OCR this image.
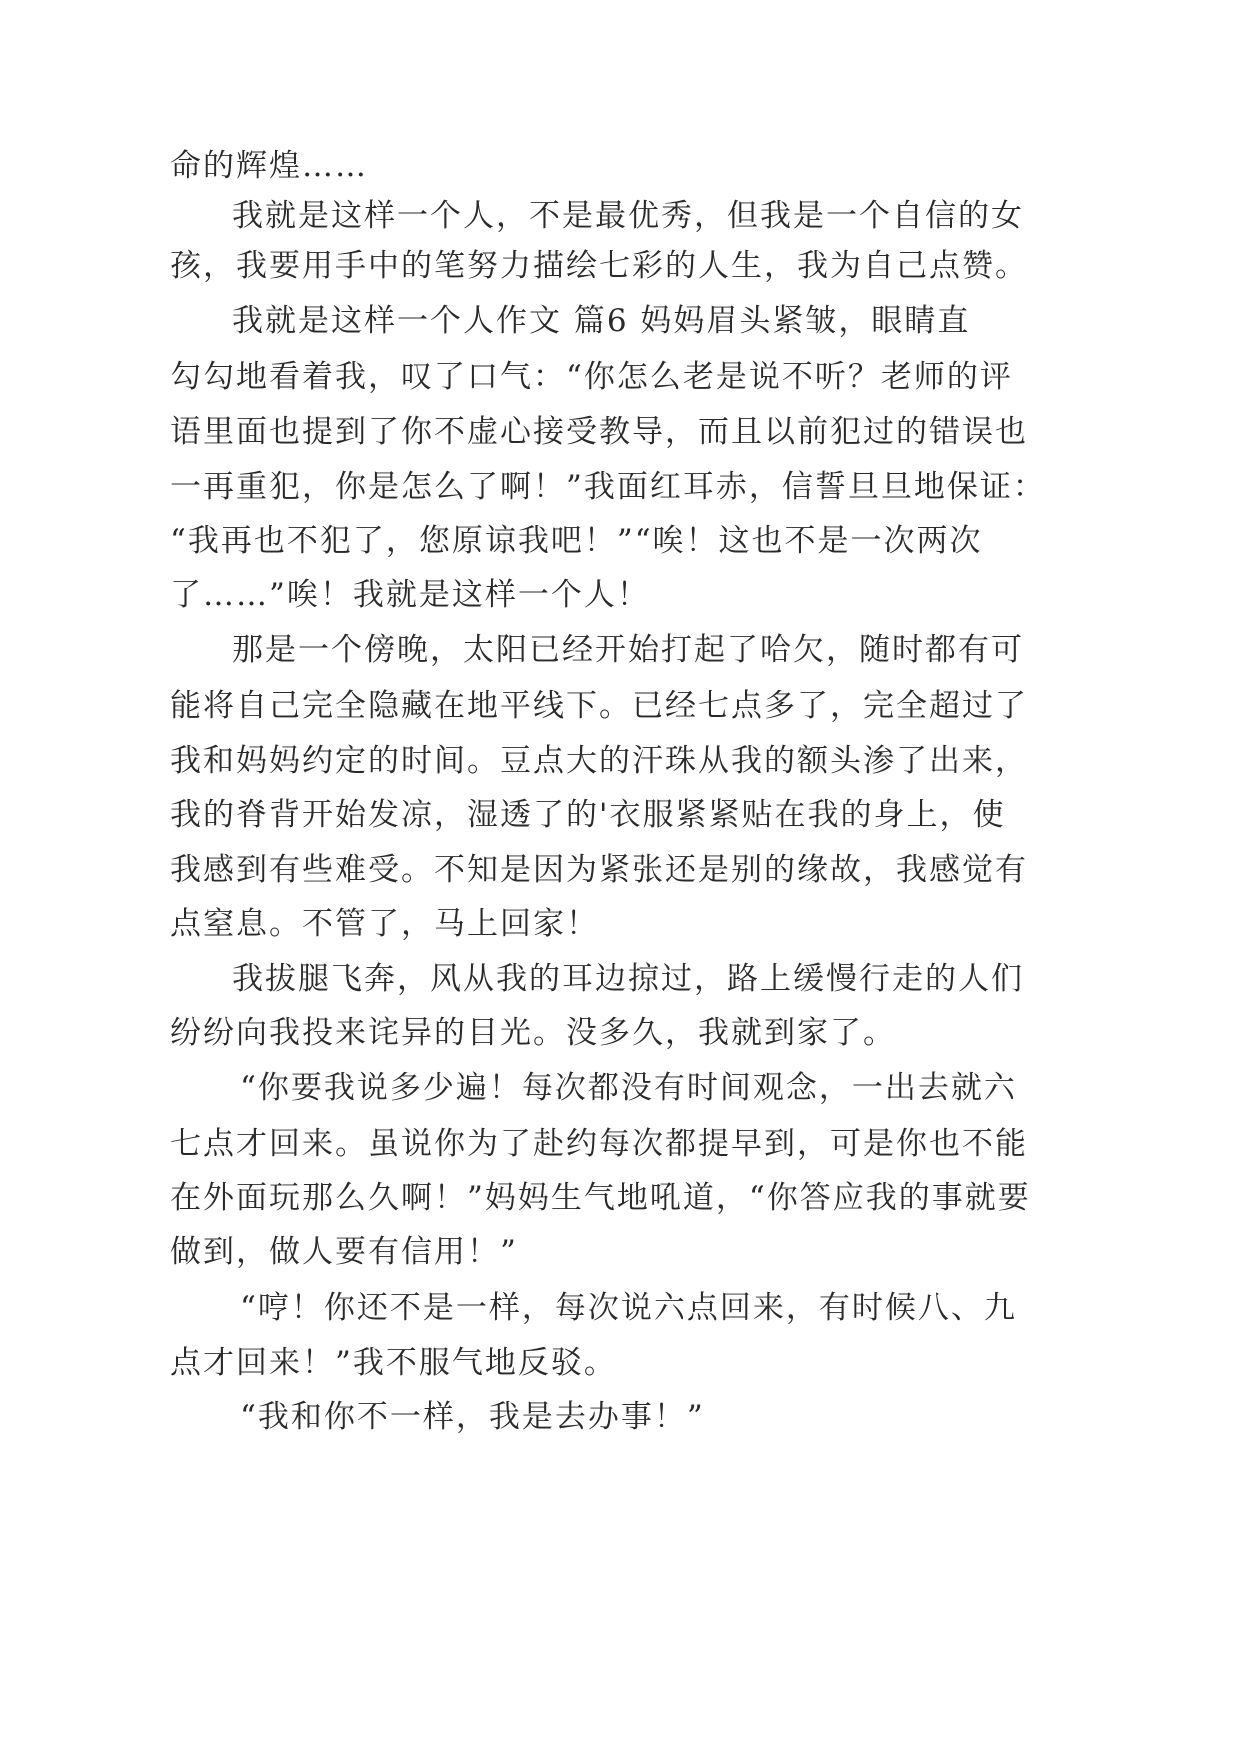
命的辉煌……

我就是这样一个人，不是最优秀，但我是一个自信的女

孩，我要用手中的笔努力描绘七彩的人生，我为自己点赞。

我就是这样一个人作文 篇6 妈妈眉头紧皱，眼睛直

勾勾地看着我，叹了口气：“你怎么老是说不听？老师的评

语里面也提到了你不虚心接受教导，而且以前犯过的错误也

一再重犯，你是怎么了啊！”我面红耳赤，信誓旦旦地保证：

“我再也不犯了，您原谅我吧！”“唉！这也不是一次两次

了……”唉！我就是这样一个人！

那是一个傍晚，太阳已经开始打起了哈欠，随时都有可

能将自己完全隐藏在地平线下。已经七点多了，完全超过了

我和妈妈约定的时间。豆点大的汗珠从我的额头渗了出来，

我的脊背开始发凉，湿透了的'衣服紧紧贴在我的身上，使

我感到有些难受。不知是因为紧张还是别的缘故，我感觉有

点窒息。不管了，马上回家！

我拔腿飞奔，风从我的耳边掠过，路上缓慢行走的人们

纷纷向我投来诧异的目光。没多久，我就到家了。

“你要我说多少遍！每次都没有时间观念，一出去就六

七点才回来。虽说你为了赴约每次都提早到，可是你也不能

在外面玩那么久啊！”妈妈生气地吼道，“你答应我的事就要

做到，做人要有信用！”

“哼！你还不是一样，每次说六点回来，有时候八、九

点才回来！”我不服气地反驳。

“我和你不一样，我是去办事！”
